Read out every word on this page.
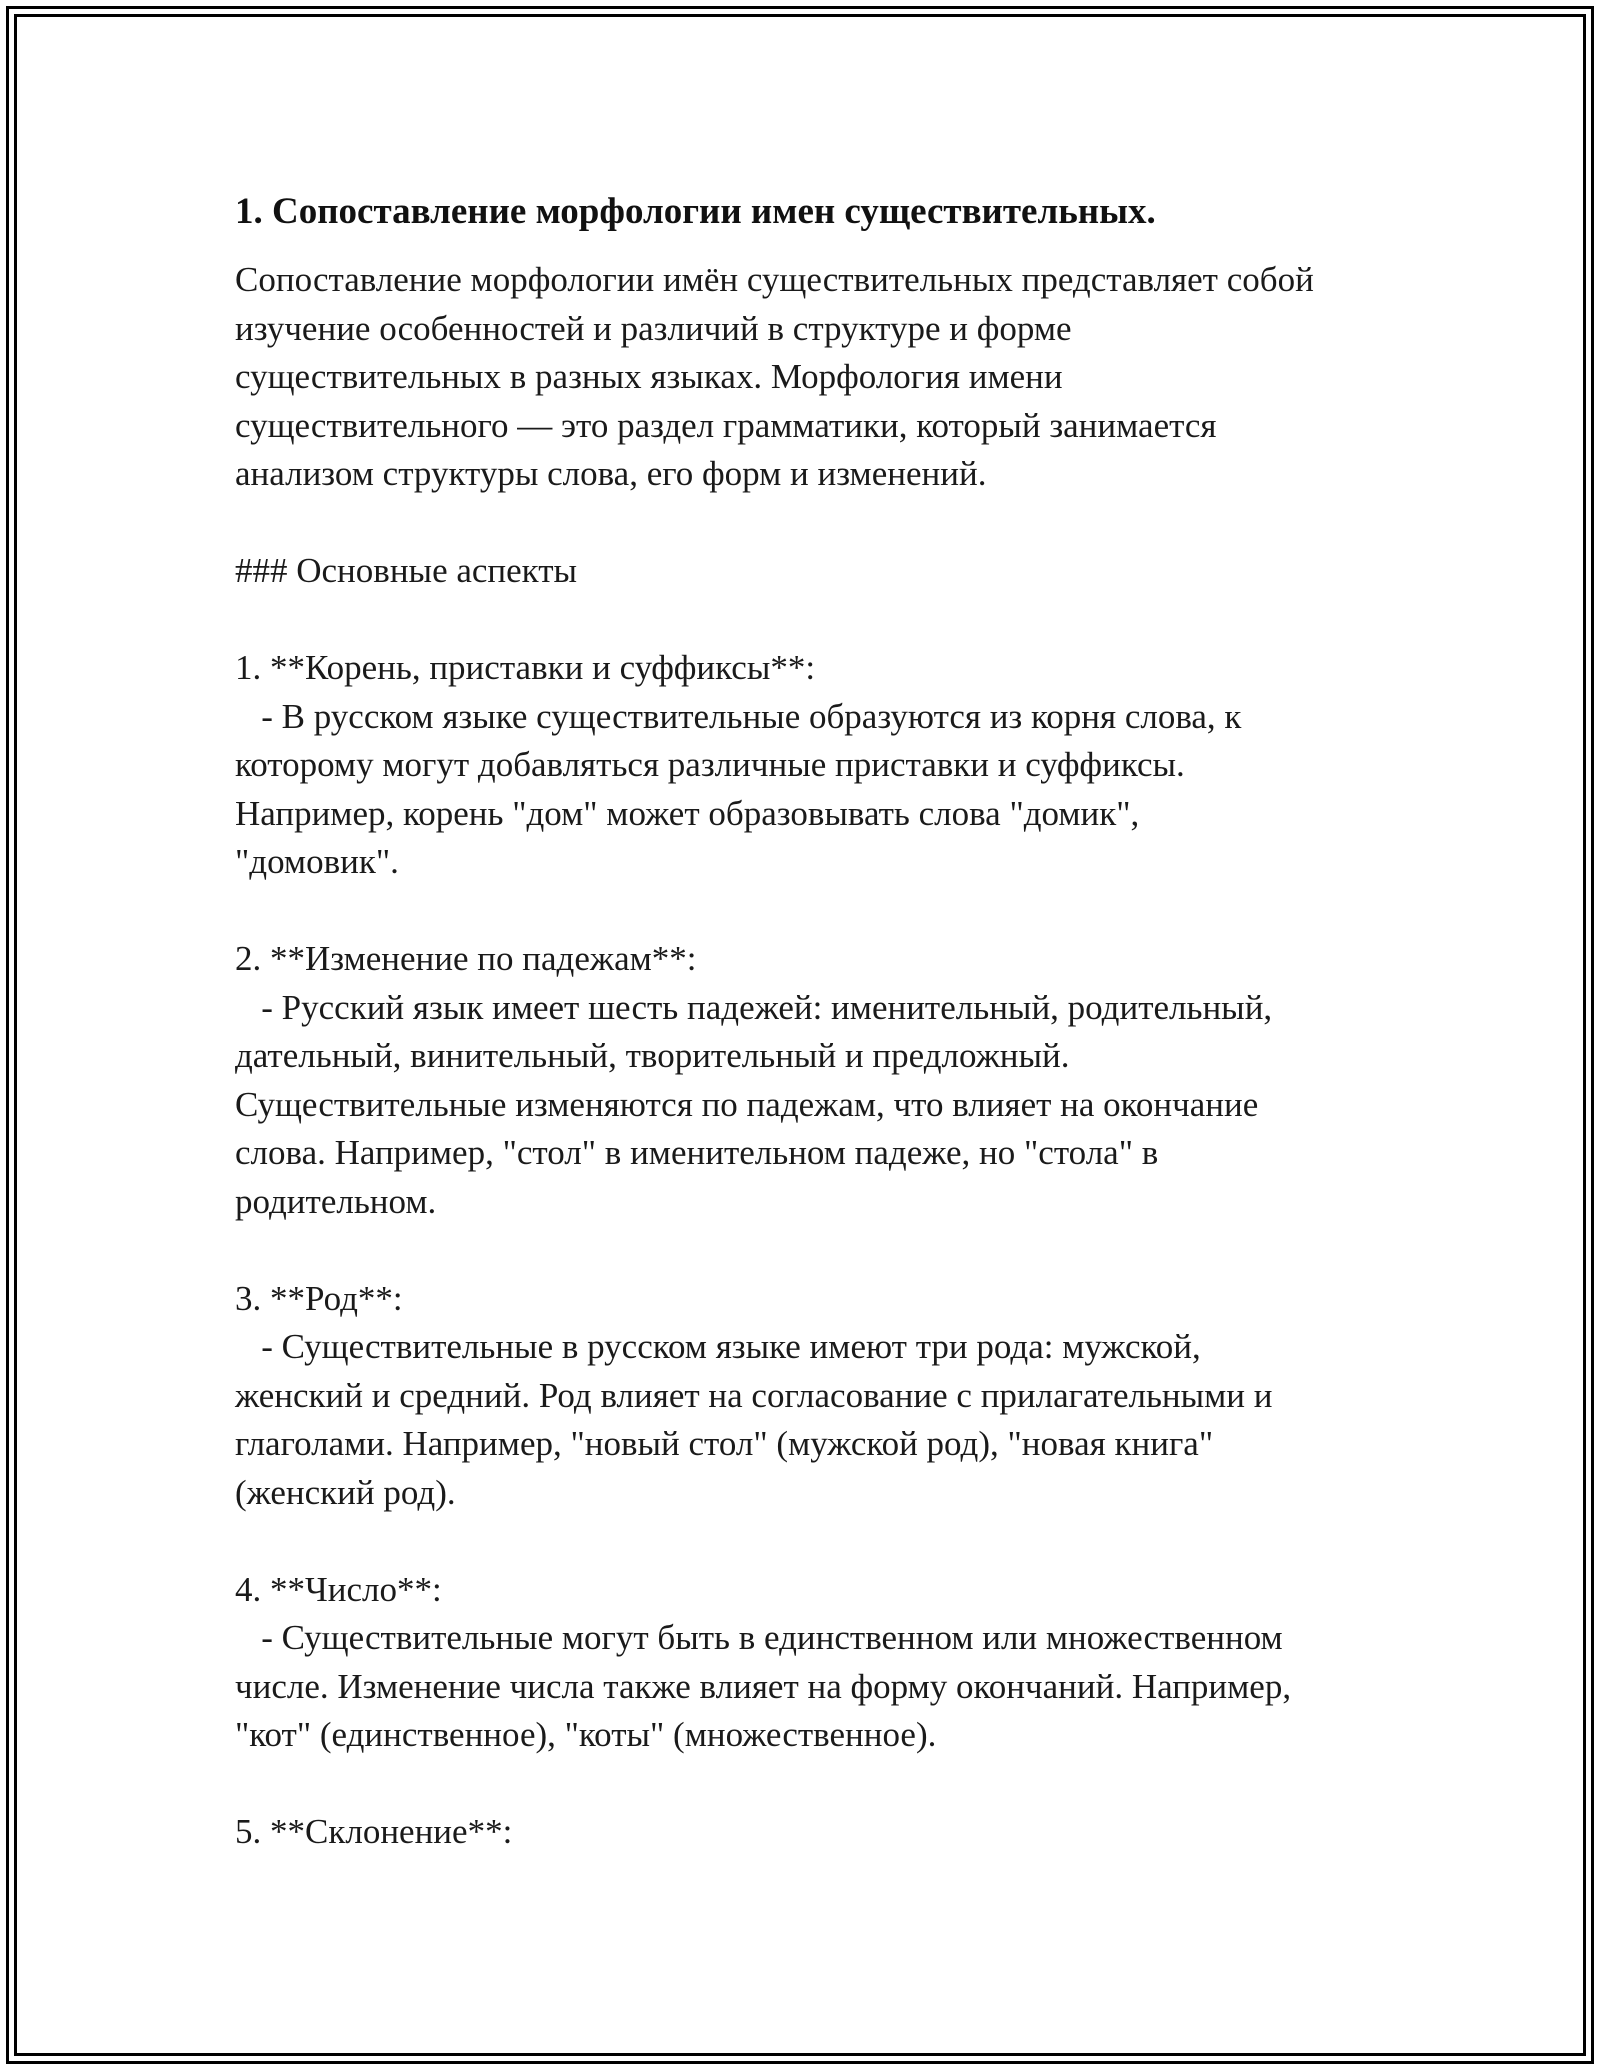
1. Сопоставление морфологии имен существительных.

Сопоставление морфологии имён существительных представляет собой
изучение особенностей и различий в структуре и форме
существительных в разных языках. Морфология имени
существительного — это раздел грамматики, который занимается
анализом структуры слова, его форм и изменений.

### Основные аспекты

1. **Корень, приставки и суффиксы**:

- В русском языке существительные образуются из корня слова, к
которому могут добавляться различные приставки и суффиксы.
Например, корень "дом" может образовывать слова "домик",
"домовик".

2. **Изменение по падежам**:

- Русский язык имеет шесть падежей: именительный, родительный,
дательный, винительный, творительный и предложный.
Существительные изменяются по падежам, что влияет на окончание
слова. Например, "стол" в именительном падеже, но "стола" в
родительном.

3. **Род**:

- Существительные в русском языке имеют три рода: мужской,
женский и средний. Род влияет на согласование с прилагательными и
глаголами. Например, "новый стол" (мужской род), "новая книга"
(женский род).

4. **Число**:

- Существительные могут быть в единственном или множественном
числе. Изменение числа также влияет на форму окончаний. Например,
"кот" (единственное), "коты" (множественное).

5. **Склонение**:
